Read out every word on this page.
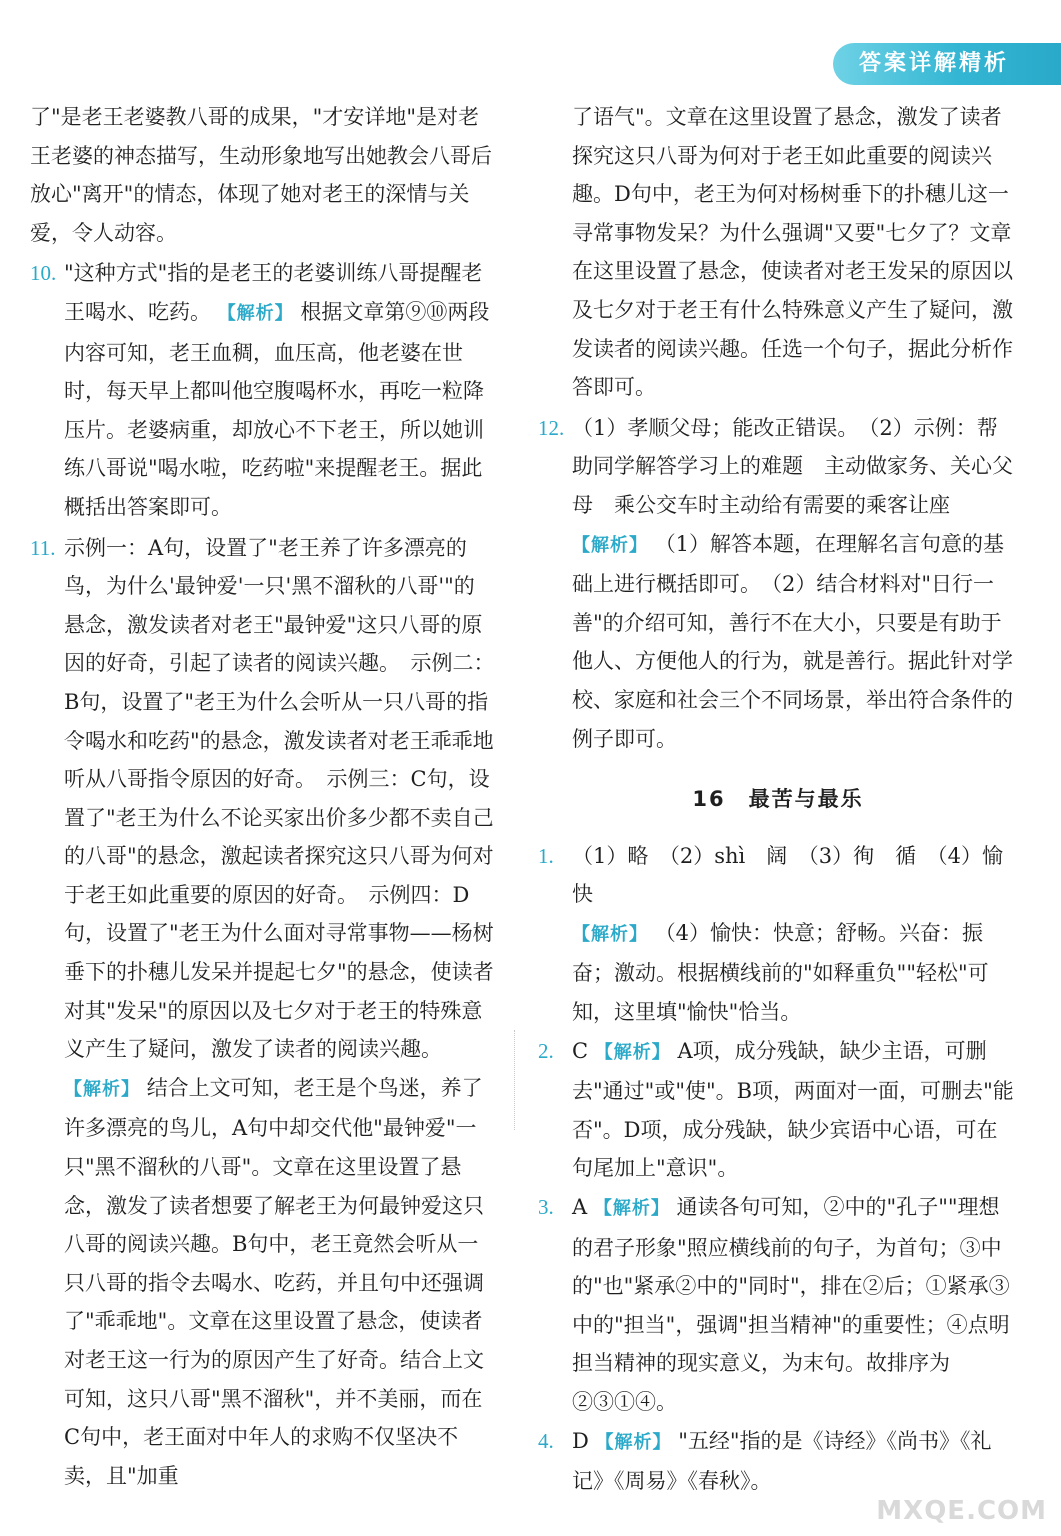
答案详解精析

了"是老王老婆教八哥的成果，"才安详地"是对老王老婆的神态描写，生动形象地写出她教会八哥后放心"离开"的情态，体现了她对老王的深情与关爱，令人动容。

10. "这种方式"指的是老王的老婆训练八哥提醒老王喝水、吃药。 【解析】 根据文章第⑨⑩两段内容可知，老王血稠，血压高，他老婆在世时，每天早上都叫他空腹喝杯水，再吃一粒降压片。老婆病重，却放心不下老王，所以她训练八哥说"喝水啦，吃药啦"来提醒老王。据此概括出答案即可。

11. 示例一：A句，设置了"老王养了许多漂亮的鸟，为什么'最钟爱'一只'黑不溜秋的八哥'"的悬念，激发读者对老王"最钟爱"这只八哥的原因的好奇，引起了读者的阅读兴趣。　示例二：B句，设置了"老王为什么会听从一只八哥的指令喝水和吃药"的悬念，激发读者对老王乖乖地听从八哥指令原因的好奇。　示例三：C句，设置了"老王为什么不论买家出价多少都不卖自己的八哥"的悬念，激起读者探究这只八哥为何对于老王如此重要的原因的好奇。　示例四：D句，设置了"老王为什么面对寻常事物——杨树垂下的扑穗儿发呆并提起七夕"的悬念，使读者对其"发呆"的原因以及七夕对于老王的特殊意义产生了疑问，激发了读者的阅读兴趣。
【解析】 结合上文可知，老王是个鸟迷，养了许多漂亮的鸟儿，A句中却交代他"最钟爱"一只"黑不溜秋的八哥"。文章在这里设置了悬念，激发了读者想要了解老王为何最钟爱这只八哥的阅读兴趣。B句中，老王竟然会听从一只八哥的指令去喝水、吃药，并且句中还强调了"乖乖地"。文章在这里设置了悬念，使读者对老王这一行为的原因产生了好奇。结合上文可知，这只八哥"黑不溜秋"，并不美丽，而在C句中，老王面对中年人的求购不仅坚决不卖，且"加重

了语气"。文章在这里设置了悬念，激发了读者探究这只八哥为何对于老王如此重要的阅读兴趣。D句中，老王为何对杨树垂下的扑穗儿这一寻常事物发呆？为什么强调"又要"七夕了？文章在这里设置了悬念，使读者对老王发呆的原因以及七夕对于老王有什么特殊意义产生了疑问，激发读者的阅读兴趣。任选一个句子，据此分析作答即可。

12. （1）孝顺父母；能改正错误。　（2）示例：帮助同学解答学习上的难题　主动做家务、关心父母　乘公交车时主动给有需要的乘客让座
【解析】 （1）解答本题，在理解名言句意的基础上进行概括即可。　（2）结合材料对"日行一善"的介绍可知，善行不在大小，只要是有助于他人、方便他人的行为，就是善行。据此针对学校、家庭和社会三个不同场景，举出符合条件的例子即可。

16　最苦与最乐

1. （1）略　（2）shì　阔　（3）徇　循　（4）愉快
【解析】 （4）愉快：快意；舒畅。兴奋：振奋；激动。根据横线前的"如释重负""轻松"可知，这里填"愉快"恰当。

2. C 【解析】 A项，成分残缺，缺少主语，可删去"通过"或"使"。B项，两面对一面，可删去"能否"。D项，成分残缺，缺少宾语中心语，可在句尾加上"意识"。

3. A 【解析】 通读各句可知，②中的"孔子""理想的君子形象"照应横线前的句子，为首句；③中的"也"紧承②中的"同时"，排在②后；①紧承③中的"担当"，强调"担当精神"的重要性；④点明担当精神的现实意义，为末句。故排序为②③①④。

4. D 【解析】 "五经"指的是《诗经》《尚书》《礼记》《周易》《春秋》。

MXQE.COM
